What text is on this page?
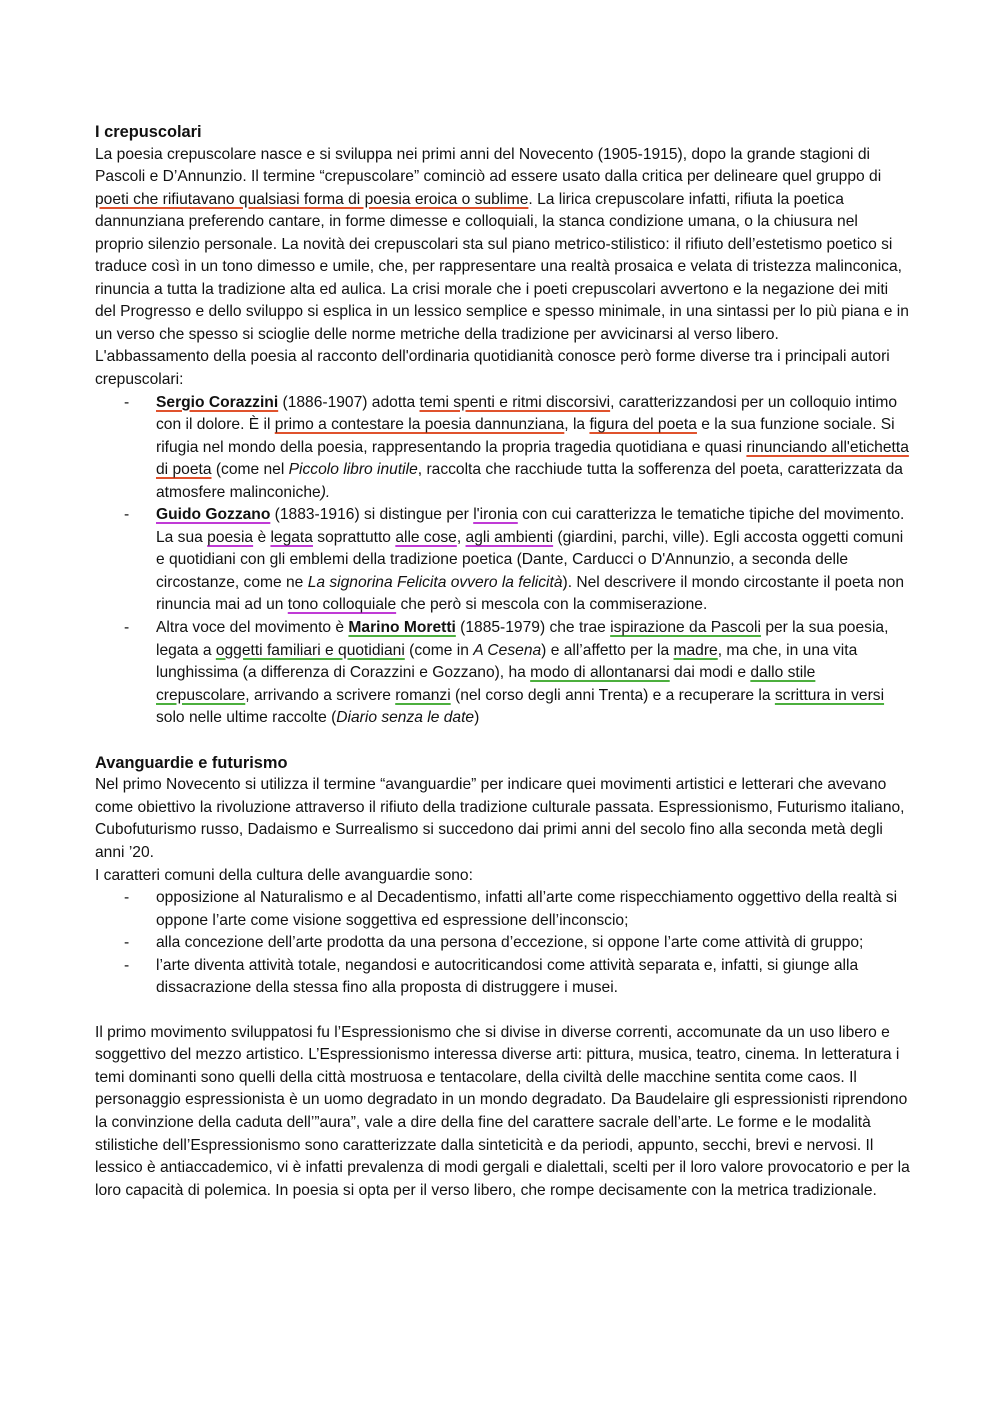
I crepuscolari

La poesia crepuscolare nasce e si sviluppa nei primi anni del Novecento (1905-1915), dopo la grande stagioni di Pascoli e D’Annunzio. Il termine “crepuscolare” cominciò ad essere usato dalla critica per delineare quel gruppo di poeti che rifiutavano qualsiasi forma di poesia eroica o sublime. La lirica crepuscolare infatti, rifiuta la poetica dannunziana preferendo cantare, in forme dimesse e colloquiali, la stanca condizione umana, o la chiusura nel proprio silenzio personale. La novità dei crepuscolari sta sul piano metrico-stilistico: il rifiuto dell’estetismo poetico si traduce così in un tono dimesso e umile, che, per rappresentare una realtà prosaica e velata di tristezza malinconica, rinuncia a tutta la tradizione alta ed aulica. La crisi morale che i poeti crepuscolari avvertono e la negazione dei miti del Progresso e dello sviluppo si esplica in un lessico semplice e spesso minimale, in una sintassi per lo più piana e in un verso che spesso si scioglie delle norme metriche della tradizione per avvicinarsi al verso libero.

L'abbassamento della poesia al racconto dell'ordinaria quotidianità conosce però forme diverse tra i principali autori crepuscolari:

- Sergio Corazzini (1886-1907) adotta temi spenti e ritmi discorsivi, caratterizzandosi per un colloquio intimo con il dolore. È il primo a contestare la poesia dannunziana, la figura del poeta e la sua funzione sociale. Si rifugia nel mondo della poesia, rappresentando la propria tragedia quotidiana e quasi rinunciando all'etichetta di poeta (come nel Piccolo libro inutile, raccolta che racchiude tutta la sofferenza del poeta, caratterizzata da atmosfere malinconiche).
- Guido Gozzano (1883-1916) si distingue per l'ironia con cui caratterizza le tematiche tipiche del movimento. La sua poesia è legata soprattutto alle cose, agli ambienti (giardini, parchi, ville). Egli accosta oggetti comuni e quotidiani con gli emblemi della tradizione poetica (Dante, Carducci o D'Annunzio, a seconda delle circostanze, come ne La signorina Felicita ovvero la felicità). Nel descrivere il mondo circostante il poeta non rinuncia mai ad un tono colloquiale che però si mescola con la commiserazione.
- Altra voce del movimento è Marino Moretti (1885-1979) che trae ispirazione da Pascoli per la sua poesia, legata a oggetti familiari e quotidiani (come in A Cesena) e all’affetto per la madre, ma che, in una vita lunghissima (a differenza di Corazzini e Gozzano), ha modo di allontanarsi dai modi e dallo stile crepuscolare, arrivando a scrivere romanzi (nel corso degli anni Trenta) e a recuperare la scrittura in versi solo nelle ultime raccolte (Diario senza le date)

Avanguardie e futurismo

Nel primo Novecento si utilizza il termine “avanguardie” per indicare quei movimenti artistici e letterari che avevano come obiettivo la rivoluzione attraverso il rifiuto della tradizione culturale passata. Espressionismo, Futurismo italiano, Cubofuturismo russo, Dadaismo e Surrealismo si succedono dai primi anni del secolo fino alla seconda metà degli anni ’20.

I caratteri comuni della cultura delle avanguardie sono:

- opposizione al Naturalismo e al Decadentismo, infatti all’arte come rispecchiamento oggettivo della realtà si oppone l’arte come visione soggettiva ed espressione dell’inconscio;
- alla concezione dell’arte prodotta da una persona d’eccezione, si oppone l’arte come attività di gruppo;
- l’arte diventa attività totale, negandosi e autocriticandosi come attività separata e, infatti, si giunge alla dissacrazione della stessa fino alla proposta di distruggere i musei.

Il primo movimento sviluppatosi fu l’Espressionismo che si divise in diverse correnti, accomunate da un uso libero e soggettivo del mezzo artistico. L’Espressionismo interessa diverse arti: pittura, musica, teatro, cinema. In letteratura i temi dominanti sono quelli della città mostruosa e tentacolare, della civiltà delle macchine sentita come caos. Il personaggio espressionista è un uomo degradato in un mondo degradato. Da Baudelaire gli espressionisti riprendono la convinzione della caduta dell’”aura”, vale a dire della fine del carattere sacrale dell’arte. Le forme e le modalità stilistiche dell’Espressionismo sono caratterizzate dalla sinteticità e da periodi, appunto, secchi, brevi e nervosi. Il lessico è antiaccademico, vi è infatti prevalenza di modi gergali e dialettali, scelti per il loro valore provocatorio e per la loro capacità di polemica. In poesia si opta per il verso libero, che rompe decisamente con la metrica tradizionale.
